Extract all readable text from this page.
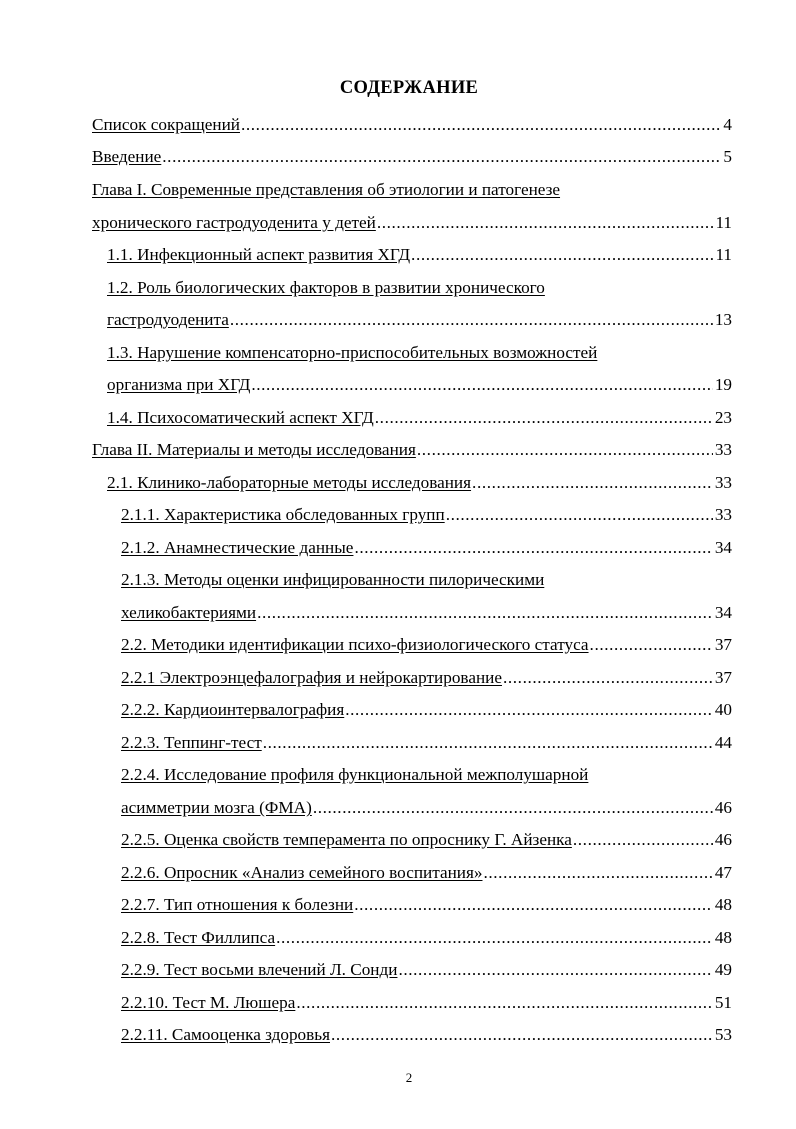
СОДЕРЖАНИЕ
Список сокращений .....	4
Введение .....	5
Глава I. Современные представления об этиологии и патогенезе
хронического гастродуоденита у детей .....	11
1.1. Инфекционный аспект развития ХГД .....	11
1.2. Роль биологических факторов в развитии хронического
гастродуоденита .....	13
1.3. Нарушение компенсаторно-приспособительных возможностей
организма при ХГД .....	19
1.4. Психосоматический аспект ХГД .....	23
Глава II. Материалы и методы исследования .....	33
2.1. Клинико-лабораторные методы исследования .....	33
2.1.1. Характеристика обследованных групп .....	33
2.1.2. Анамнестические данные .....	34
2.1.3. Методы оценки инфицированности пилорическими
хеликобактериями .....	34
2.2. Методики идентификации психо-физиологического статуса .....	37
2.2.1 Электроэнцефалография и нейрокартирование .....	37
2.2.2. Кардиоинтервалография .....	40
2.2.3. Теппинг-тест .....	44
2.2.4. Исследование профиля функциональной межполушарной
асимметрии мозга (ФМА) .....	46
2.2.5. Оценка свойств темперамента по опроснику Г. Айзенка .....	46
2.2.6. Опросник «Анализ семейного воспитания» .....	47
2.2.7. Тип отношения к болезни .....	48
2.2.8. Тест Филлипса .....	48
2.2.9. Тест восьми влечений Л. Сонди .....	49
2.2.10. Тест М. Люшера .....	51
2.2.11. Самооценка здоровья .....	53
2
